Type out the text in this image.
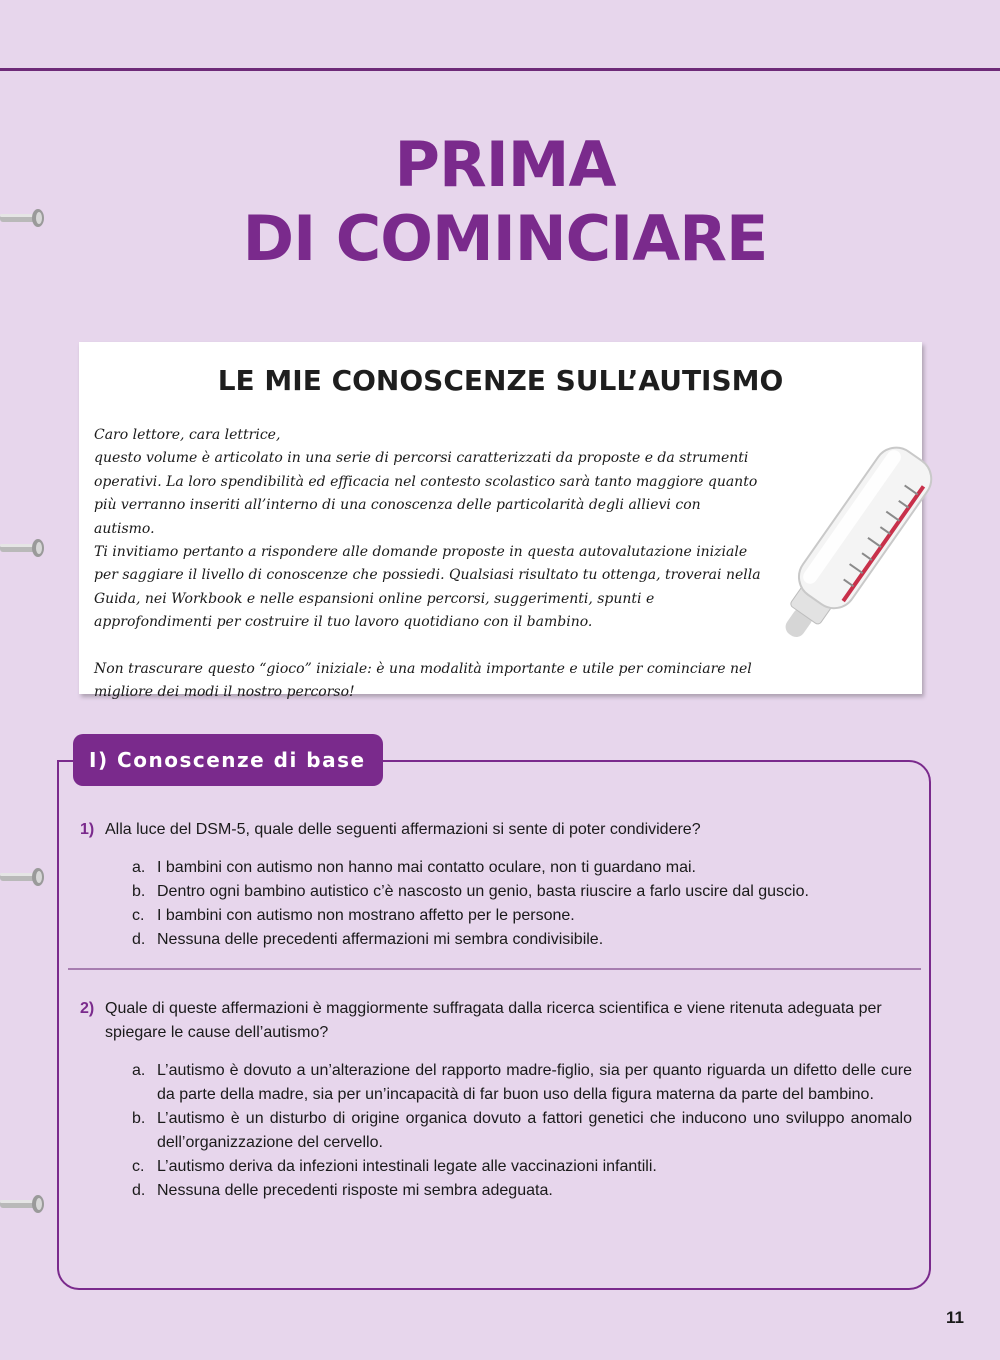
PRIMA
DI COMINCIARE
LE MIE CONOSCENZE SULL’AUTISMO

Caro lettore, cara lettrice,

questo volume è articolato in una serie di percorsi caratterizzati da proposte e da strumenti operativi. La loro spendibilità ed efficacia nel contesto scolastico sarà tanto maggiore quanto più verranno inseriti all’interno di una conoscenza delle particolarità degli allievi con autismo.

Ti invitiamo pertanto a rispondere alle domande proposte in questa autovalutazione iniziale per saggiare il livello di conoscenze che possiedi. Qualsiasi risultato tu ottenga, troverai nella Guida, nei Workbook e nelle espansioni online percorsi, suggerimenti, spunti e approfondimenti per costruire il tuo lavoro quotidiano con il bambino.

Non trascurare questo “gioco” iniziale: è una modalità importante e utile per cominciare nel migliore dei modi il nostro percorso!

I) Conoscenze di base
1) Alla luce del DSM-5, quale delle seguenti affermazioni si sente di poter condividere?
a. I bambini con autismo non hanno mai contatto oculare, non ti guardano mai.
b. Dentro ogni bambino autistico c’è nascosto un genio, basta riuscire a farlo uscire dal guscio.
c. I bambini con autismo non mostrano affetto per le persone.
d. Nessuna delle precedenti affermazioni mi sembra condivisibile.
2) Quale di queste affermazioni è maggiormente suffragata dalla ricerca scientifica e viene ritenuta adeguata per spiegare le cause dell’autismo?
a. L’autismo è dovuto a un’alterazione del rapporto madre-figlio, sia per quanto riguarda un difetto delle cure da parte della madre, sia per un’incapacità di far buon uso della figura materna da parte del bambino.
b. L’autismo è un disturbo di origine organica dovuto a fattori genetici che inducono uno sviluppo anomalo dell’organizzazione del cervello.
c. L’autismo deriva da infezioni intestinali legate alle vaccinazioni infantili.
d. Nessuna delle precedenti risposte mi sembra adeguata.
11
